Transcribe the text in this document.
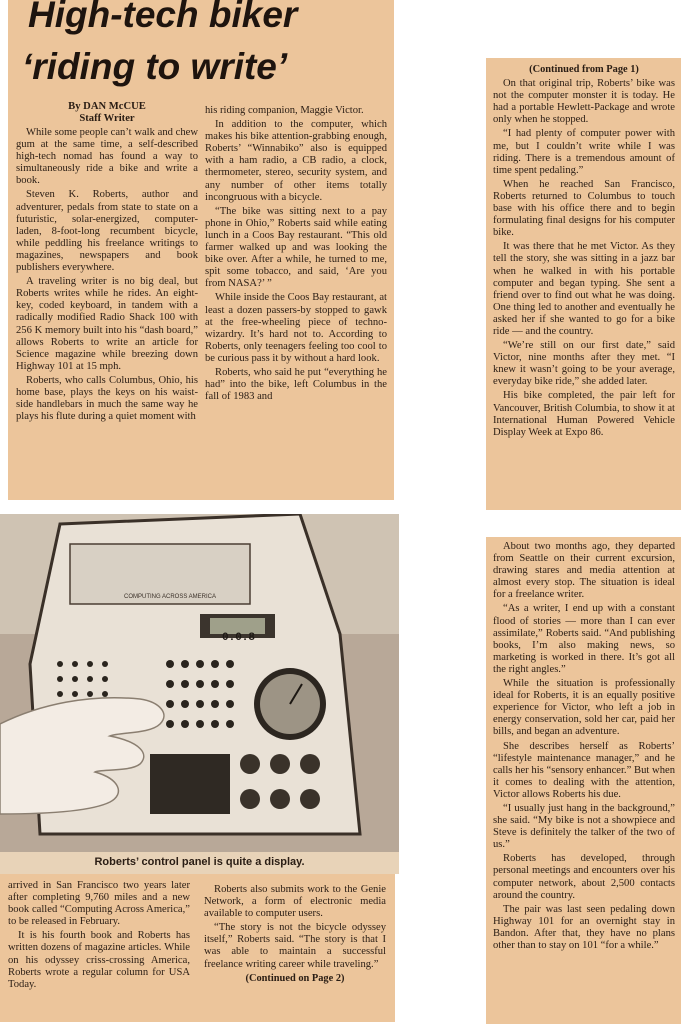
High-tech biker
‘riding to write’
By DAN McCUE
Staff Writer

While some people can’t walk and chew gum at the same time, a self-described high-tech nomad has found a way to simultaneously ride a bike and write a book.

Steven K. Roberts, author and adventurer, pedals from state to state on a futuristic, solar-energized, computer-laden, 8-foot-long recumbent bicycle, while peddling his freelance writings to magazines, newspapers and book publishers everywhere.

A traveling writer is no big deal, but Roberts writes while he rides. An eight-key, coded keyboard, in tandem with a radically modified Radio Shack 100 with 256 K memory built into his “dash board,” allows Roberts to write an article for Science magazine while breezing down Highway 101 at 15 mph.

Roberts, who calls Columbus, Ohio, his home base, plays the keys on his waist-side handlebars in much the same way he plays his flute during a quiet moment with

his riding companion, Maggie Victor.

In addition to the computer, which makes his bike attention-grabbing enough, Roberts’ “Winnabiko” also is equipped with a ham radio, a CB radio, a clock, thermometer, stereo, security system, and any number of other items totally incongruous with a bicycle.

“The bike was sitting next to a pay phone in Ohio,” Roberts said while eating lunch in a Coos Bay restaurant. “This old farmer walked up and was looking the bike over. After a while, he turned to me, spit some tobacco, and said, ‘Are you from NASA?’ ”

While inside the Coos Bay restaurant, at least a dozen passers-by stopped to gawk at the free-wheeling piece of techno-wizardry. It’s hard not to. According to Roberts, only teenagers feeling too cool to be curious pass it by without a hard look.

Roberts, who said he put “everything he had” into the bike, left Columbus in the fall of 1983 and

COMPUTING ACROSS AMERICA
0.0.8
Roberts’ control panel is quite a display.

arrived in San Francisco two years later after completing 9,760 miles and a new book called “Computing Across America,” to be released in February.

It is his fourth book and Roberts has written dozens of magazine articles. While on his odyssey criss-crossing America, Roberts wrote a regular column for USA Today.

Roberts also submits work to the Genie Network, a form of electronic media available to computer users.

“The story is not the bicycle odyssey itself,” Roberts said. “The story is that I was able to maintain a successful freelance writing career while traveling.”

(Continued on Page 2)
(Continued from Page 1)

On that original trip, Roberts’ bike was not the computer monster it is today. He had a portable Hewlett-Package and wrote only when he stopped.

“I had plenty of computer power with me, but I couldn’t write while I was riding. There is a tremendous amount of time spent pedaling.”

When he reached San Francisco, Roberts returned to Columbus to touch base with his office there and to begin formulating final designs for his computer bike.

It was there that he met Victor. As they tell the story, she was sitting in a jazz bar when he walked in with his portable computer and began typing. She sent a friend over to find out what he was doing. One thing led to another and eventually he asked her if she wanted to go for a bike ride — and the country.

“We’re still on our first date,” said Victor, nine months after they met. “I knew it wasn’t going to be your average, everyday bike ride,” she added later.

His bike completed, the pair left for Vancouver, British Columbia, to show it at International Human Powered Vehicle Display Week at Expo 86.

About two months ago, they departed from Seattle on their current excursion, drawing stares and media attention at almost every stop. The situation is ideal for a freelance writer.

“As a writer, I end up with a constant flood of stories — more than I can ever assimilate,” Roberts said. “And publishing books, I’m also making news, so marketing is worked in there. It’s got all the right angles.”

While the situation is professionally ideal for Roberts, it is an equally positive experience for Victor, who left a job in energy conservation, sold her car, paid her bills, and began an adventure.

She describes herself as Roberts’ “lifestyle maintenance manager,” and he calls her his “sensory enhancer.” But when it comes to dealing with the attention, Victor allows Roberts his due.

“I usually just hang in the background,” she said. “My bike is not a showpiece and Steve is definitely the talker of the two of us.”

Roberts has developed, through personal meetings and encounters over his computer network, about 2,500 contacts around the country.

The pair was last seen pedaling down Highway 101 for an overnight stay in Bandon. After that, they have no plans other than to stay on 101 “for a while.”
